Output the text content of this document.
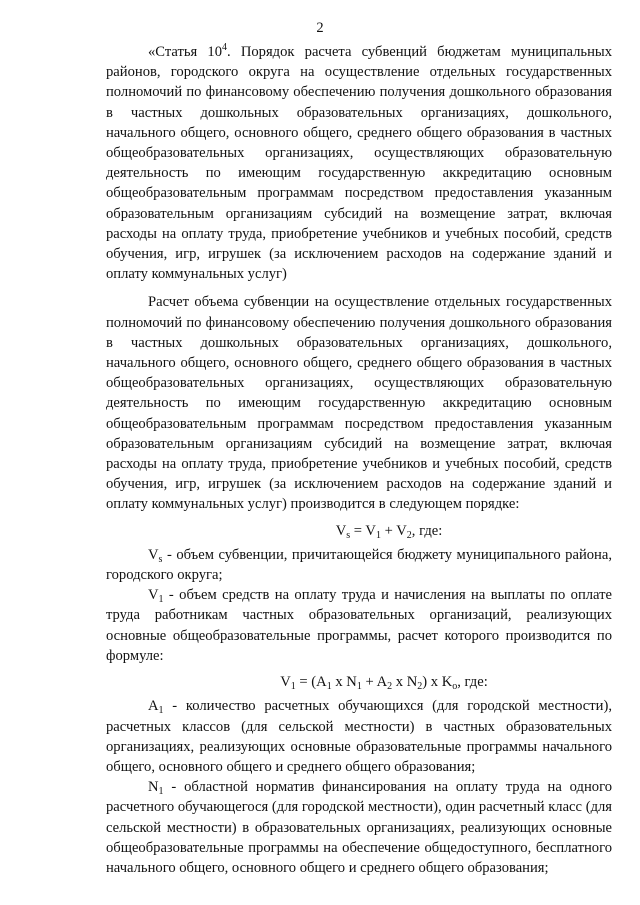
2

«Статья $10^4$. Порядок расчета субвенций бюджетам муниципальных районов, городского округа на осуществление отдельных государственных полномочий по финансовому обеспечению получения дошкольного образования в частных дошкольных образовательных организациях, дошкольного, начального общего, основного общего, среднего общего образования в частных общеобразовательных организациях, осуществляющих образовательную деятельность по имеющим государственную аккредитацию основным общеобразовательным программам посредством предоставления указанным образовательным организациям субсидий на возмещение затрат, включая расходы на оплату труда, приобретение учебников и учебных пособий, средств обучения, игр, игрушек (за исключением расходов на содержание зданий и оплату коммунальных услуг)

Расчет объема субвенции на осуществление отдельных государственных полномочий по финансовому обеспечению получения дошкольного образования в частных дошкольных образовательных организациях, дошкольного, начального общего, основного общего, среднего общего образования в частных общеобразовательных организациях, осуществляющих образовательную деятельность по имеющим государственную аккредитацию основным общеобразовательным программам посредством предоставления указанным образовательным организациям субсидий на возмещение затрат, включая расходы на оплату труда, приобретение учебников и учебных пособий, средств обучения, игр, игрушек (за исключением расходов на содержание зданий и оплату коммунальных услуг) производится в следующем порядке:

$V_s = V_1 + V_2$, где:

$V_s$ - объем субвенции, причитающейся бюджету муниципального района, городского округа;

$V_1$ - объем средств на оплату труда и начисления на выплаты по оплате труда работникам частных образовательных организаций, реализующих основные общеобразовательные программы, расчет которого производится по формуле:

$V_1 = (A_1$ x $N_1 + A_2$ x $N_2$) x $K_o$, где:

$A_1$ - количество расчетных обучающихся (для городской местности), расчетных классов (для сельской местности) в частных образовательных организациях, реализующих основные образовательные программы начального общего, основного общего и среднего общего образования;

$N_1$ - областной норматив финансирования на оплату труда на одного расчетного обучающегося (для городской местности), один расчетный класс (для сельской местности) в образовательных организациях, реализующих основные общеобразовательные программы на обеспечение общедоступного, бесплатного начального общего, основного общего и среднего общего образования;
